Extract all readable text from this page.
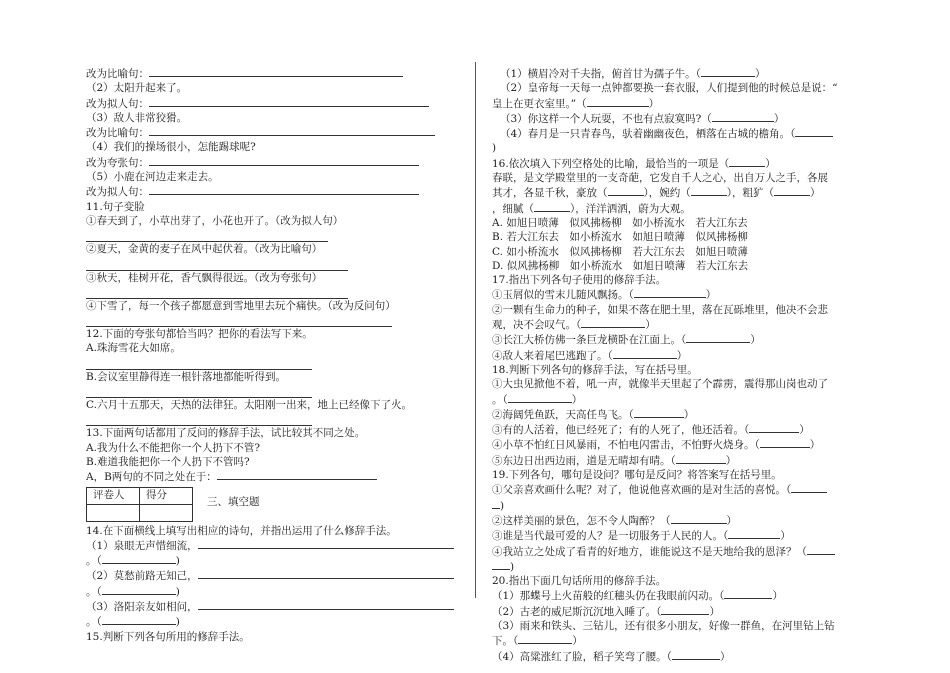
改为比喻句：
（2）太阳升起来了。
改为拟人句：
（3）敌人非常狡猾。
改为比喻句：
（4）我们的操场很小，怎能踢球呢?
改为夸张句：
（5）小鹿在河边走来走去。
改为拟人句：
11.句子变脸
①春天到了，小草出芽了，小花也开了。（改为拟人句）
②夏天，金黄的麦子在风中起伏着。（改为比喻句）
③秋天，桂树开花，香气飘得很远。（改为夸张句）
④下雪了，每一个孩子都愿意到雪地里去玩个痛快。（改为反问句）
12.下面的夸张句都恰当吗？把你的看法写下来。
A.珠海雪花大如席。
B.会议室里静得连一根针落地都能听得到。
C.六月十五那天，天热的法律狂。太阳刚一出来，地上已经像下了火。
13.下面两句话都用了反问的修辞手法，试比较其不同之处。
A.我为什么不能把你一个人扔下不管?
B.难道我能把你一个人扔下不管吗?
A，B两句的不同之处在于：
评卷人	得分

三、填空题
14.在下面横线上填写出相应的诗句，并指出运用了什么修辞手法。
（1）泉眼无声惜细流，
。（	)
（2）莫愁前路无知己，
。（	)
（3）洛阳亲友如相问，
。（	)
15.判断下列各句所用的修辞手法。
（1）横眉冷对千夫指，俯首甘为孺子牛。（	）
（2）皇帝每一天每一点钟都要换一套衣服，人们提到他的时候总是说：“
皇上在更衣室里。”（	）
（3）你这样一个人玩耍，不也有点寂寞吗?（	）
（4）春月是一只青春鸟，驮着幽幽夜色，栖落在古城的檐角。（
)
16.依次填入下列空格处的比喻，最恰当的一项是（	）
春联，是文学殿堂里的一支奇葩，它发自千人之心，出自万人之手，各展
其才，各显千秋，豪放（	），婉约（	），粗犷（	）
，细腻（	），洋洋洒洒，蔚为大观。
A. 如旭日喷薄　似风拂杨柳　如小桥流水　若大江东去
B. 若大江东去　如小桥流水　如旭日喷薄　似风拂杨柳
C. 如小桥流水　似风拂杨柳　若大江东去　如旭日喷薄
D. 似风拂杨柳　如小桥流水　如旭日喷薄　若大江东去
17.指出下列各句子使用的修辞手法。
①玉屑似的雪末儿随风飘扬。（	）
②一颗有生命力的种子，如果不落在肥土里，落在瓦砾堆里，他决不会悲
观，决不会叹气。（	）
③长江大桥仿佛一条巨龙横卧在江面上。（	）
④敌人来着尾巴逃跑了。（	）
18.判断下列各句的修辞手法，写在括号里。
①大虫见掀他不着，吼一声，就像半天里起了个霹雳，震得那山岗也动了
。（	）
②海阔凭鱼跃，天高任鸟飞。（	）
③有的人活着，他已经死了；有的人死了，他还活着。（	）
④小草不怕红日风暴雨，不怕电闪雷击，不怕野火烧身。（	）
⑤东边日出西边雨，道是无晴却有晴。（	）
19.下列各句，哪句是设问？哪句是反问？将答案写在括号里。
①父亲喜欢画什么呢？对了，他说他喜欢画的是对生活的喜悦。（
)
②这样美丽的景色，怎不令人陶醉？（	）
③谁是当代最可爱的人？是一切服务于人民的人。（	）
④我站立之处成了看青的好地方，谁能说这不是天地给我的恩泽？（
)
20.指出下面几句话所用的修辞手法。
（1）那蝶号上火苗般的红穗头仍在我眼前闪动。（	）
（2）古老的威尼斯沉沉地入睡了。（	）
（3）雨来和铁头、三钻儿，还有很多小朋友，好像一群鱼，在河里钻上钻
下。（	）
（4）高粱涨红了脸，稻子笑弯了腰。（	）
